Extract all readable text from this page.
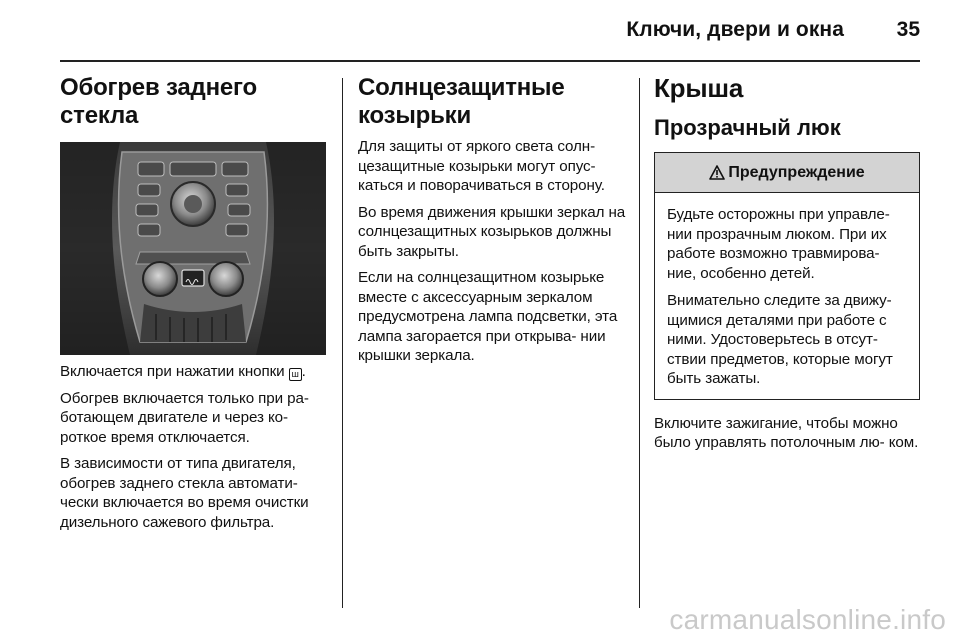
Ключи, двери и окна	35
Обогрев заднего стекла

Включается при нажатии кнопки ш .

Обогрев включается только при ра- ботающем двигателе и через ко- роткое время отключается.

В зависимости от типа двигателя, обогрев заднего стекла автомати- чески включается во время очистки дизельного сажевого фильтра.

Солнцезащитные козырьки

Для защиты от яркого света солн- цезащитные козырьки могут опус- каться и поворачиваться в сторону.

Во время движения крышки зеркал на солнцезащитных козырьков должны быть закрыты.

Если на солнцезащитном козырьке вместе с аксессуарным зеркалом предусмотрена лампа подсветки, эта лампа загорается при открыва- нии крышки зеркала.

Крыша
Прозрачный люк
Предупреждение

Будьте осторожны при управле- нии прозрачным люком. При их работе возможно травмирова- ние, особенно детей.

Внимательно следите за движу- щимися деталями при работе с ними. Удостоверьтесь в отсут- ствии предметов, которые могут быть зажаты.

Включите зажигание, чтобы можно было управлять потолочным лю- ком.

carmanualsonline.info
